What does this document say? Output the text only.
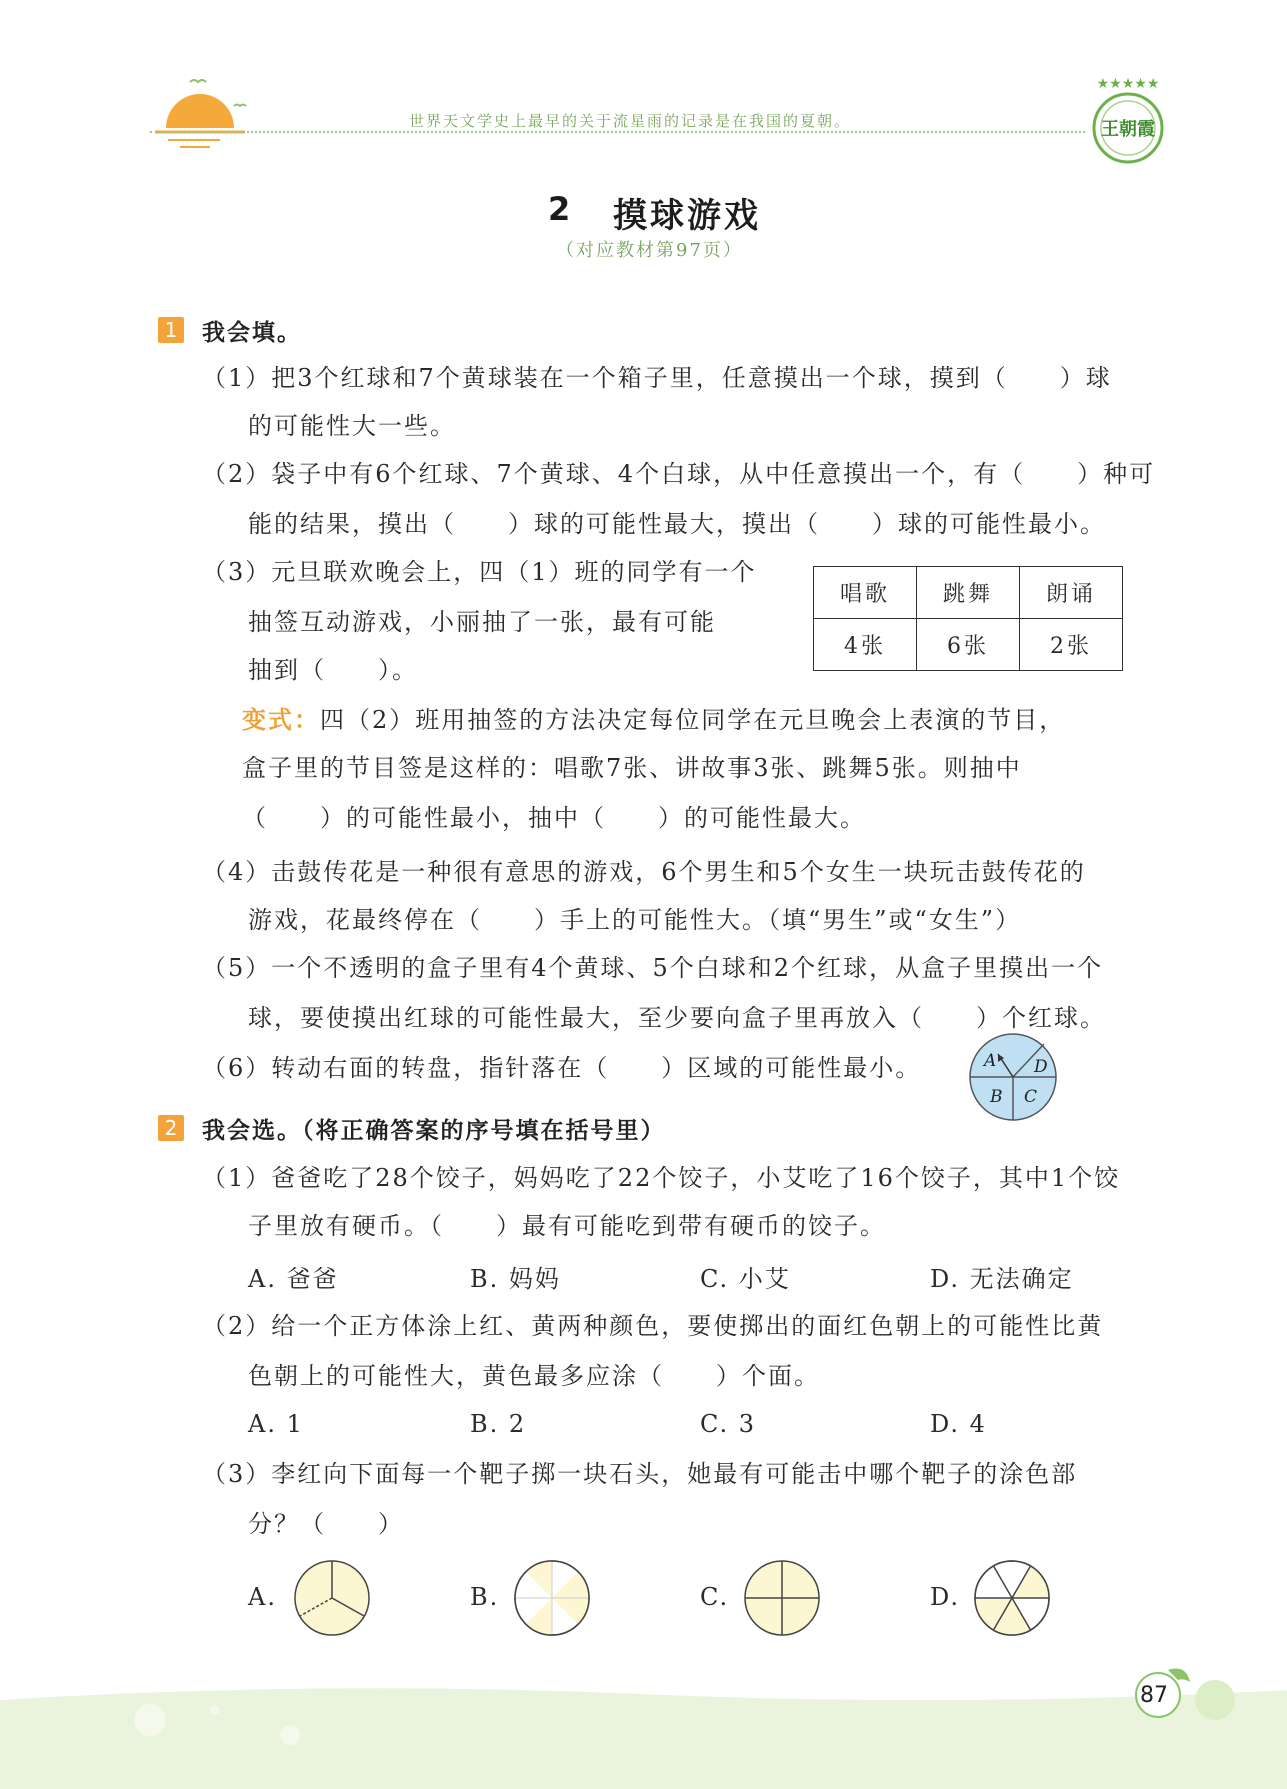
世界天文学史上最早的关于流星雨的记录是在我国的夏朝。
★★★★★
王朝霞
2 摸球游戏
（对应教材第97页）
1 我会填。
（1）把3个红球和7个黄球装在一个箱子里，任意摸出一个球，摸到（　　）球
的可能性大一些。
（2）袋子中有6个红球、7个黄球、4个白球，从中任意摸出一个，有（　　）种可
能的结果，摸出（　　）球的可能性最大，摸出（　　）球的可能性最小。
（3）元旦联欢晚会上，四（1）班的同学有一个
抽签互动游戏，小丽抽了一张，最有可能
抽到（　　）。
唱歌	跳舞	朗诵
4张	6张	2张
变式：四（2）班用抽签的方法决定每位同学在元旦晚会上表演的节目，
盒子里的节目签是这样的：唱歌7张、讲故事3张、跳舞5张。则抽中
（　　）的可能性最小，抽中（　　）的可能性最大。
（4）击鼓传花是一种很有意思的游戏，6个男生和5个女生一块玩击鼓传花的
游戏，花最终停在（　　）手上的可能性大。（填“男生”或“女生”）
（5）一个不透明的盒子里有4个黄球、5个白球和2个红球，从盒子里摸出一个
球，要使摸出红球的可能性最大，至少要向盒子里再放入（　　）个红球。
（6）转动右面的转盘，指针落在（　　）区域的可能性最小。	A D
B C
2 我会选。（将正确答案的序号填在括号里）
（1）爸爸吃了28个饺子，妈妈吃了22个饺子，小艾吃了16个饺子，其中1个饺
子里放有硬币。（　　）最有可能吃到带有硬币的饺子。
A. 爸爸	B. 妈妈	C. 小艾	D. 无法确定
（2）给一个正方体涂上红、黄两种颜色，要使掷出的面红色朝上的可能性比黄
色朝上的可能性大，黄色最多应涂（　　）个面。
A. 1	B. 2	C. 3	D. 4
（3）李红向下面每一个靶子掷一块石头，她最有可能击中哪个靶子的涂色部
分？（　　）
A.	B.	C.	D.
87
